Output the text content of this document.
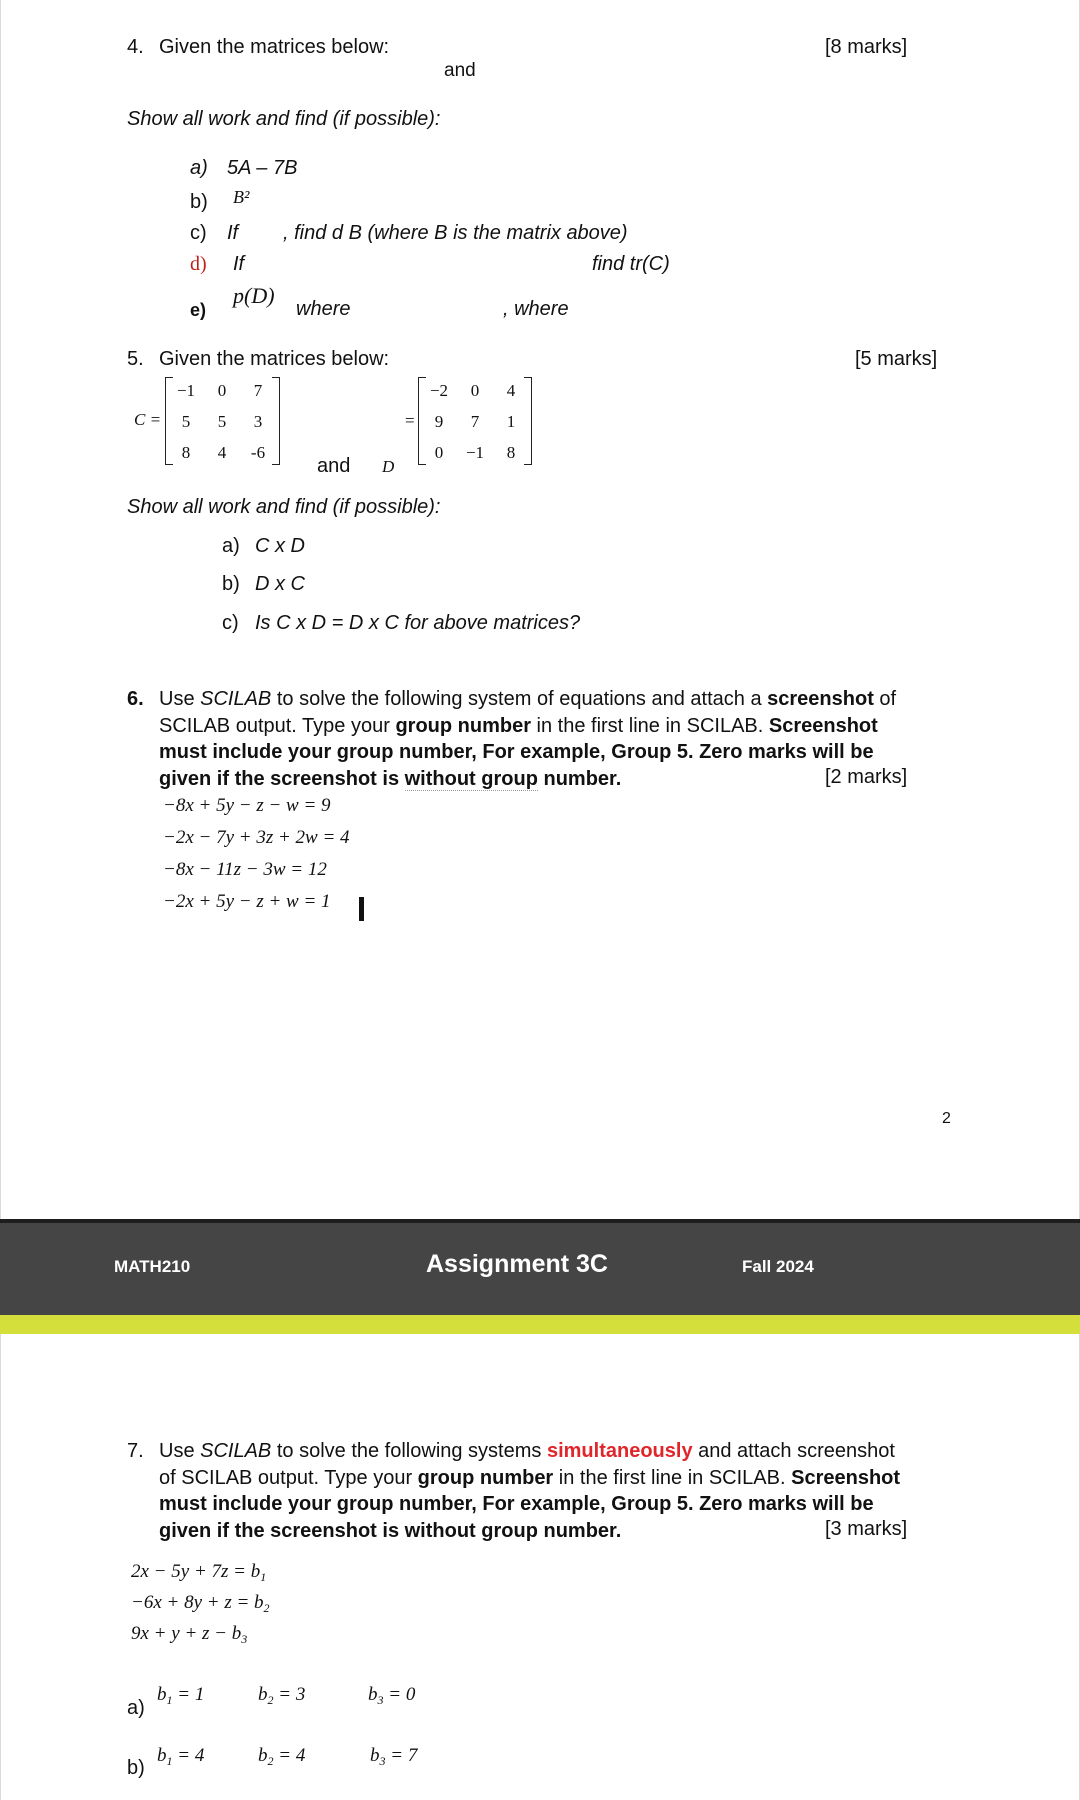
4. Given the matrices below:	[8 marks]
and
Show all work and find (if possible):
a) 5A – 7B
b) B²
c) If , find d B (where B is the matrix above)
d) If	find tr(C)
e)
p(D)
where	, where
5. Given the matrices below:	[5 marks]
C =
−1	0	7
5	5	3
8	4	-6
and D
=
−2	0	4
9	7	1
0	−1	8
Show all work and find (if possible):
a) C x D
b) D x C
c) Is C x D = D x C for above matrices?
6. Use SCILAB to solve the following system of equations and attach a screenshot of
SCILAB output. Type your group number in the first line in SCILAB. Screenshot
must include your group number, For example, Group 5. Zero marks will be
given if the screenshot is without group number.	[2 marks]
−8x + 5y − z − w = 9
−2x − 7y + 3z + 2w = 4
−8x − 11z − 3w = 12
−2x + 5y − z + w = 1
2
MATH210	Assignment 3C	Fall 2024
7. Use SCILAB to solve the following systems simultaneously and attach screenshot
of SCILAB output. Type your group number in the first line in SCILAB. Screenshot
must include your group number, For example, Group 5. Zero marks will be
given if the screenshot is without group number.	[3 marks]
$2x - 5y + 7z = b_1$
$-6x + 8y + z = b_2$
$9x + y + z - b_3$
a)
$b_1 = 1$	$b_2 = 3$	$b_3 = 0$
b)
$b_1 = 4$	$b_2 = 4$	$b_3 = 7$
